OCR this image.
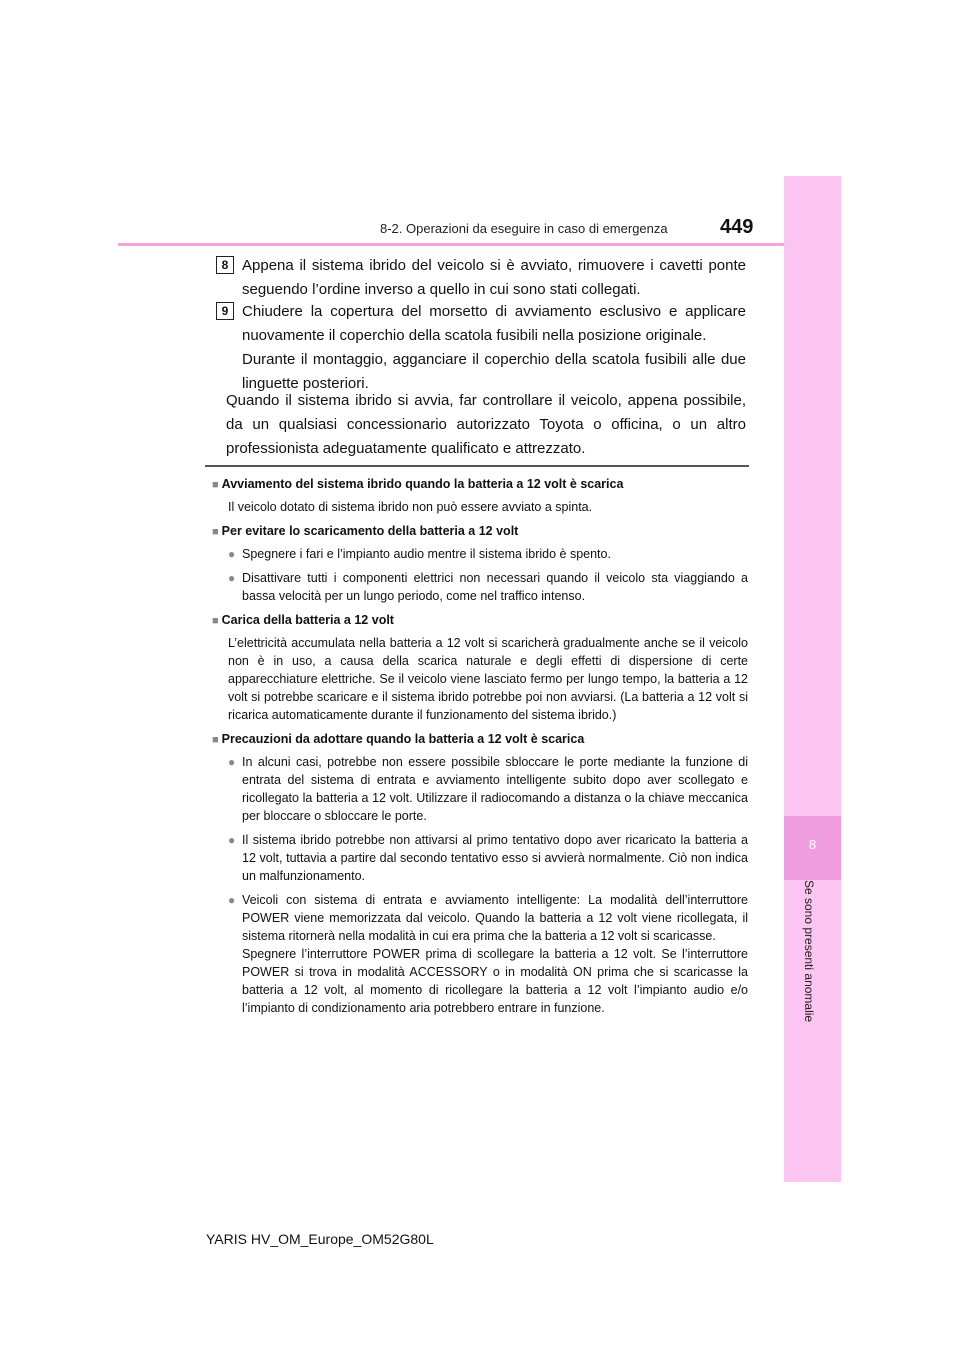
8-2. Operazioni da eseguire in caso di emergenza	449
8
Se sono presenti anomalie
8 Appena il sistema ibrido del veicolo si è avviato, rimuovere i cavetti ponte seguendo l’ordine inverso a quello in cui sono stati collegati.
9 Chiudere la copertura del morsetto di avviamento esclusivo e applicare nuovamente il coperchio della scatola fusibili nella posizione originale.
Durante il montaggio, agganciare il coperchio della scatola fusibili alle due linguette posteriori.
Quando il sistema ibrido si avvia, far controllare il veicolo, appena possibile, da un qualsiasi concessionario autorizzato Toyota o officina, o un altro professionista adeguatamente qualificato e attrezzato.

■ Avviamento del sistema ibrido quando la batteria a 12 volt è scarica

Il veicolo dotato di sistema ibrido non può essere avviato a spinta.

■ Per evitare lo scaricamento della batteria a 12 volt

● Spegnere i fari e l’impianto audio mentre il sistema ibrido è spento.

● Disattivare tutti i componenti elettrici non necessari quando il veicolo sta viaggiando a bassa velocità per un lungo periodo, come nel traffico intenso.

■ Carica della batteria a 12 volt

L’elettricità accumulata nella batteria a 12 volt si scaricherà gradualmente anche se il veicolo non è in uso, a causa della scarica naturale e degli effetti di dispersione di certe apparecchiature elettriche. Se il veicolo viene lasciato fermo per lungo tempo, la batteria a 12 volt si potrebbe scaricare e il sistema ibrido potrebbe poi non avviarsi. (La batteria a 12 volt si ricarica automaticamente durante il funzionamento del sistema ibrido.)

■ Precauzioni da adottare quando la batteria a 12 volt è scarica

● In alcuni casi, potrebbe non essere possibile sbloccare le porte mediante la funzione di entrata del sistema di entrata e avviamento intelligente subito dopo aver scollegato e ricollegato la batteria a 12 volt. Utilizzare il radiocomando a distanza o la chiave meccanica per bloccare o sbloccare le porte.

● Il sistema ibrido potrebbe non attivarsi al primo tentativo dopo aver ricaricato la batteria a 12 volt, tuttavia a partire dal secondo tentativo esso si avvierà normalmente. Ciò non indica un malfunzionamento.

● Veicoli con sistema di entrata e avviamento intelligente: La modalità dell’interruttore POWER viene memorizzata dal veicolo. Quando la batteria a 12 volt viene ricollegata, il sistema ritornerà nella modalità in cui era prima che la batteria a 12 volt si scaricasse.

Spegnere l’interruttore POWER prima di scollegare la batteria a 12 volt. Se l’interruttore POWER si trova in modalità ACCESSORY o in modalità ON prima che si scaricasse la batteria a 12 volt, al momento di ricollegare la batteria a 12 volt l’impianto audio e/o l’impianto di condizionamento aria potrebbero entrare in funzione.

YARIS HV_OM_Europe_OM52G80L
